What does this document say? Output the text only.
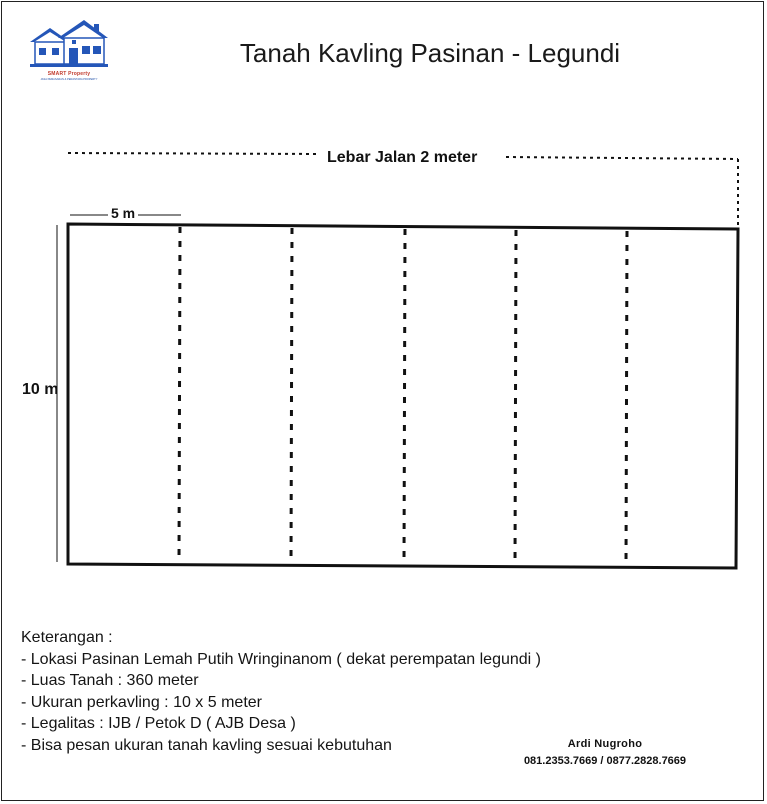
SMART Property
JASA PEMASARAN & PERANTARA PROPERTY
Tanah Kavling Pasinan - Legundi
Lebar Jalan 2 meter
5 m
10 m
Keterangan :
- Lokasi Pasinan Lemah Putih Wringinanom ( dekat perempatan legundi )
- Luas Tanah : 360 meter
- Ukuran perkavling : 10 x 5 meter
- Legalitas : IJB / Petok D ( AJB Desa )
- Bisa pesan ukuran tanah kavling sesuai kebutuhan	Ardi Nugroho
081.2353.7669 / 0877.2828.7669
